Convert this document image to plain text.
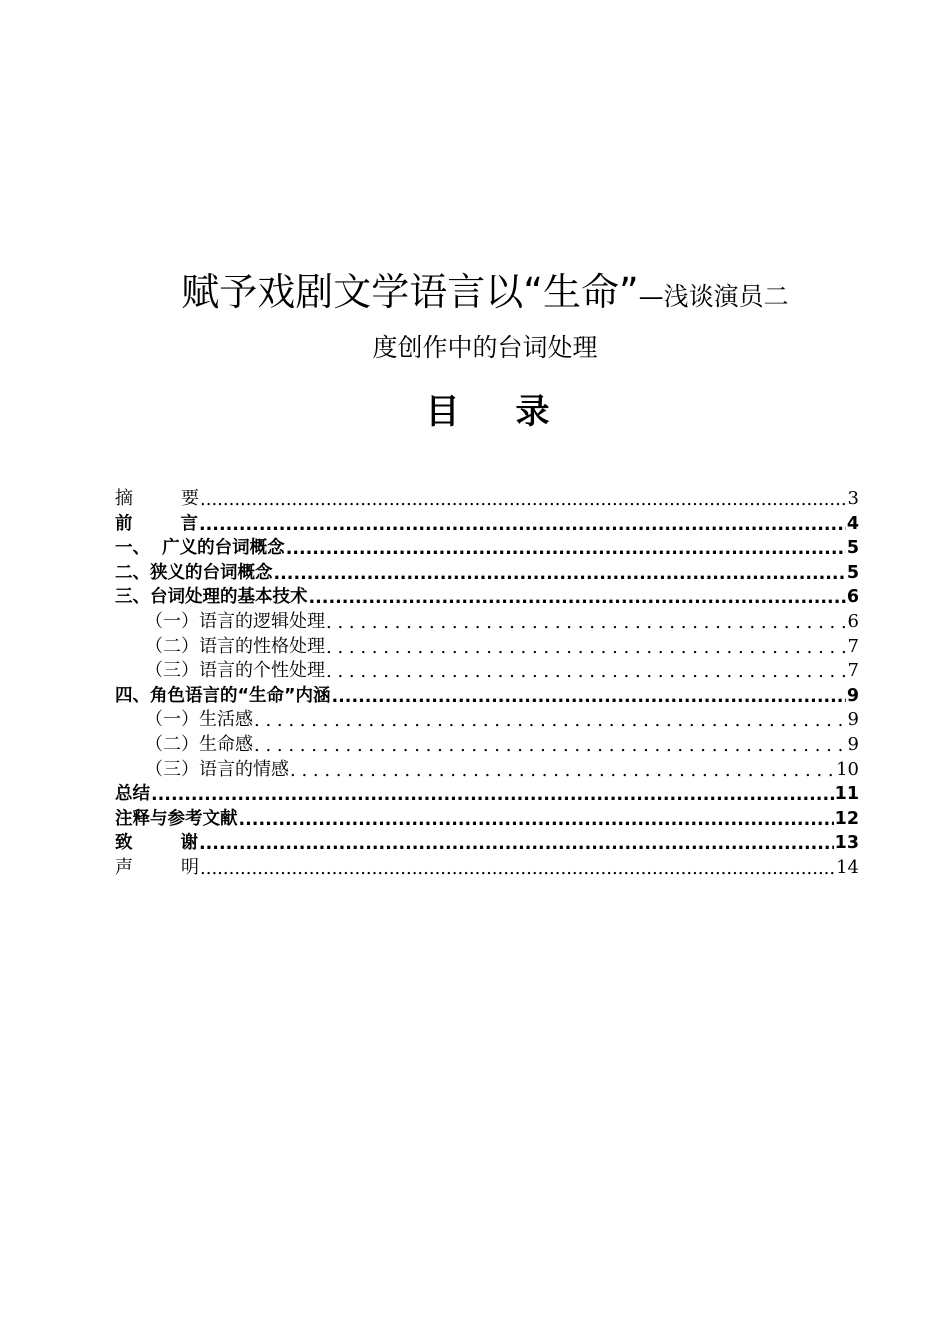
赋予戏剧文学语言以“生命”—浅谈演员二
度创作中的台词处理
目 录
摘	要 .....	3
前	言 .....	4
一、  广义的台词概念 .....	5
二、狭义的台词概念 .....	5
三、台词处理的基本技术 .....	6
（一）语言的逻辑处理 . . .	6
（二）语言的性格处理 . . .	7
（三）语言的个性处理 . . .	7
四、角色语言的“生命”内涵 .....	9
（一）生活感 . . .	9
（二）生命感 . . .	9
（三）语言的情感 . . .	10
总结 .....	11
注释与参考文献 .....	12
致	谢 .....	13
声	明 .....	14
